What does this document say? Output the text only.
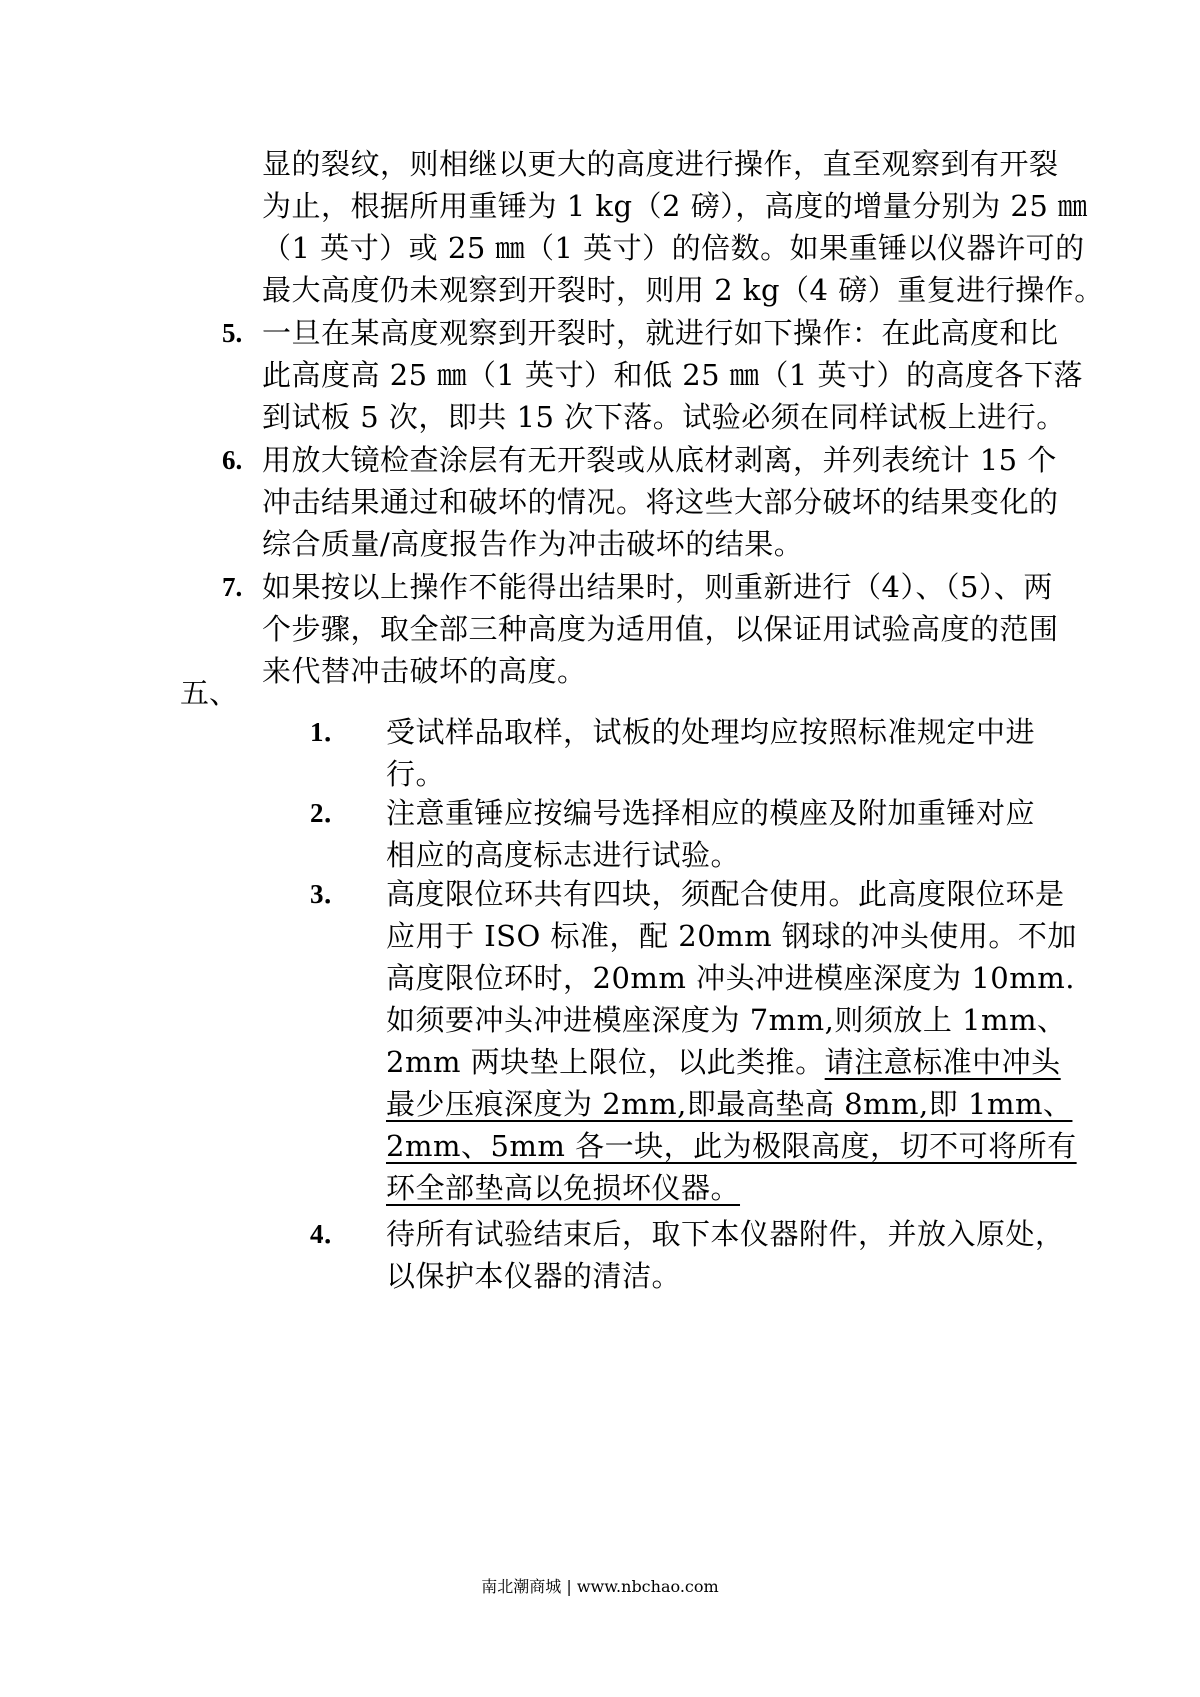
显的裂纹，则相继以更大的高度进行操作，直至观察到有开裂
为止，根据所用重锤为 1 kg（2 磅），高度的增量分别为 25 ㎜
（1 英寸）或 25 ㎜（1 英寸）的倍数。如果重锤以仪器许可的
最大高度仍未观察到开裂时，则用 2 kg（4 磅）重复进行操作。
5. 一旦在某高度观察到开裂时，就进行如下操作：在此高度和比
此高度高 25 ㎜（1 英寸）和低 25 ㎜（1 英寸）的高度各下落
到试板 5 次，即共 15 次下落。试验必须在同样试板上进行。
6. 用放大镜检查涂层有无开裂或从底材剥离，并列表统计 15 个
冲击结果通过和破坏的情况。将这些大部分破坏的结果变化的
综合质量/高度报告作为冲击破坏的结果。
7. 如果按以上操作不能得出结果时，则重新进行（4）、（5）、两
个步骤，取全部三种高度为适用值，以保证用试验高度的范围
来代替冲击破坏的高度。
五、
1． 受试样品取样，试板的处理均应按照标准规定中进
行。
2． 注意重锤应按编号选择相应的模座及附加重锤对应
相应的高度标志进行试验。
3． 高度限位环共有四块，须配合使用。此高度限位环是
应用于 ISO 标准，配 20mm 钢球的冲头使用。不加
高度限位环时，20mm 冲头冲进模座深度为 10mm.
如须要冲头冲进模座深度为 7mm,则须放上 1mm、
2mm 两块垫上限位，以此类推。请注意标准中冲头
最少压痕深度为 2mm,即最高垫高 8mm,即 1mm、
2mm、5mm 各一块，此为极限高度，切不可将所有
环全部垫高以免损坏仪器。
4． 待所有试验结束后，取下本仪器附件，并放入原处，
以保护本仪器的清洁。
南北潮商城 | www.nbchao.com
